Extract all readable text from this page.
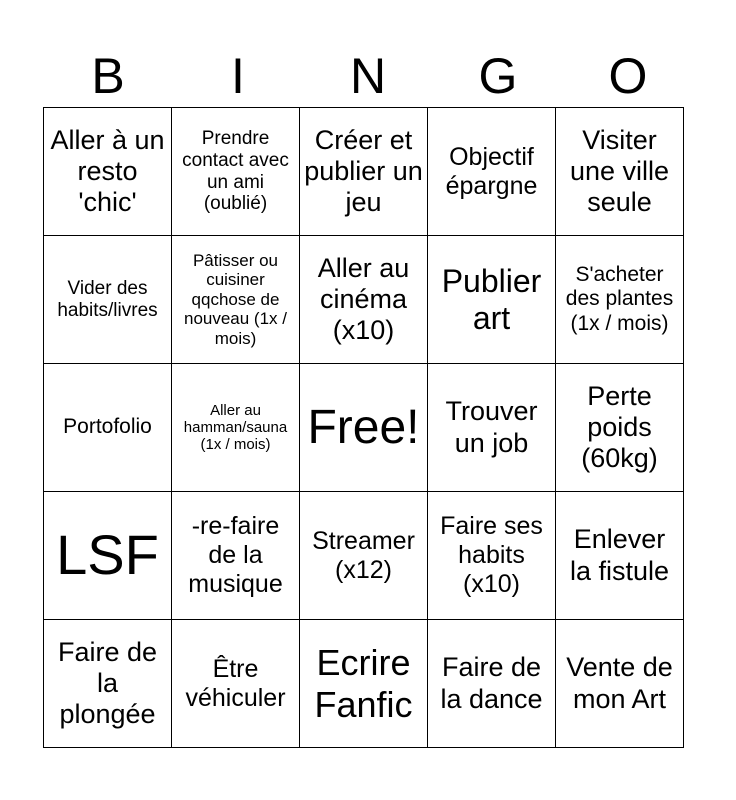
B	I	N	G	O
Aller à un resto 'chic'	Prendre contact avec un ami (oublié)	Créer et publier un jeu	Objectif épargne	Visiter une ville seule
Vider des habits/livres	Pâtisser ou cuisiner qqchose de nouveau (1x / mois)	Aller au cinéma (x10)	Publier art	S'acheter des plantes (1x / mois)
Portofolio	Aller au hamman/sauna (1x / mois)	Free!	Trouver un job	Perte poids (60kg)
LSF	-re-faire de la musique	Streamer (x12)	Faire ses habits (x10)	Enlever la fistule
Faire de la plongée	Être véhiculer	Ecrire Fanfic	Faire de la dance	Vente de mon Art
